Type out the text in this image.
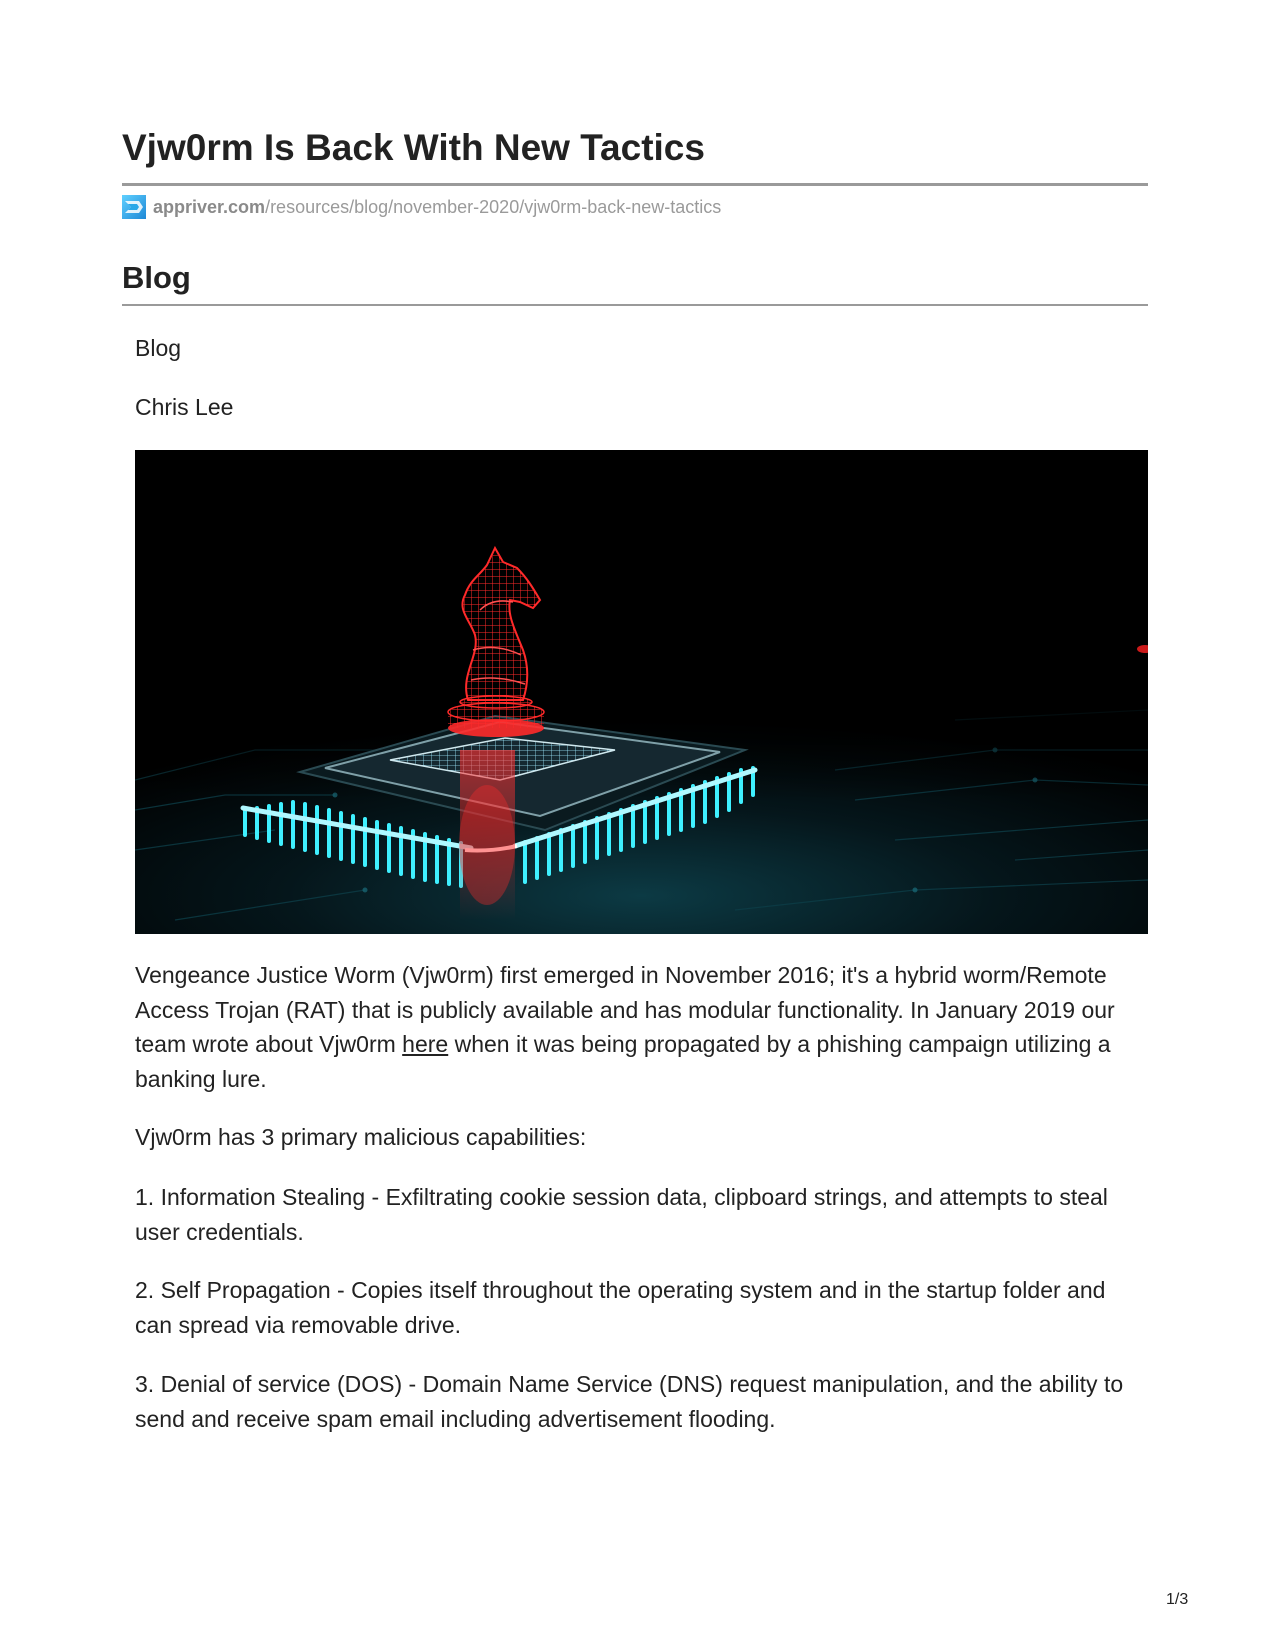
Vjw0rm Is Back With New Tactics
appriver.com /resources/blog/november-2020/vjw0rm-back-new-tactics
Blog

Blog

Chris Lee

Vengeance Justice Worm (Vjw0rm) first emerged in November 2016; it's a hybrid worm/Remote Access Trojan (RAT) that is publicly available and has modular functionality. In January 2019 our team wrote about Vjw0rm here when it was being propagated by a phishing campaign utilizing a banking lure.

Vjw0rm has 3 primary malicious capabilities:

1. Information Stealing - Exfiltrating cookie session data, clipboard strings, and attempts to steal user credentials.

2. Self Propagation - Copies itself throughout the operating system and in the startup folder and can spread via removable drive.

3. Denial of service (DOS) - Domain Name Service (DNS) request manipulation, and the ability to send and receive spam email including advertisement flooding.

1/3
